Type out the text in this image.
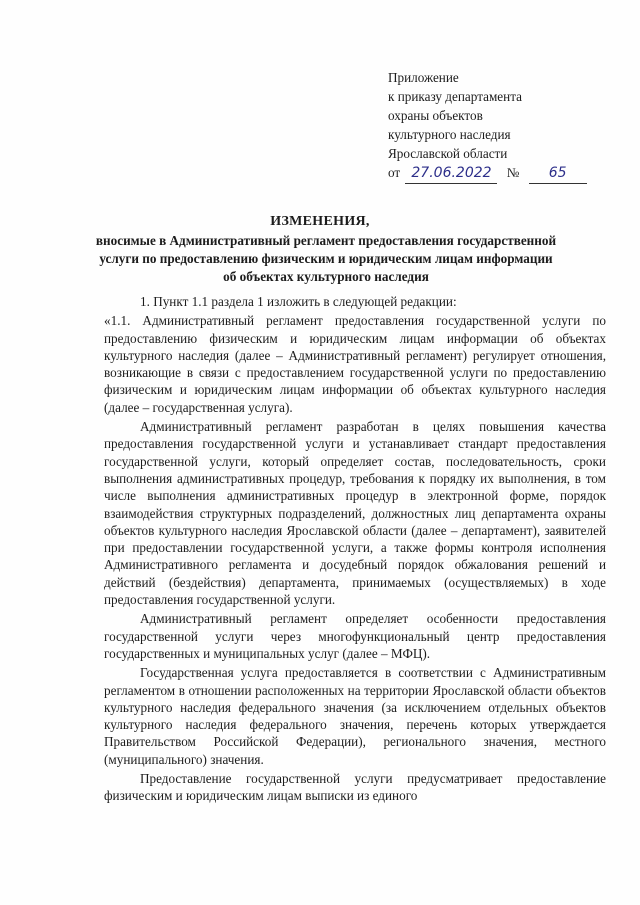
Приложение
к приказу департамента
охраны объектов
культурного наследия
Ярославской области
от 27.06.2022 № 65
ИЗМЕНЕНИЯ,
вносимые в Административный регламент предоставления государственной услуги по предоставлению физическим и юридическим лицам информации об объектах культурного наследия

1. Пункт 1.1 раздела 1 изложить в следующей редакции:

«1.1. Административный регламент предоставления государственной услуги по предоставлению физическим и юридическим лицам информации об объектах культурного наследия (далее – Административный регламент) регулирует отношения, возникающие в связи с предоставлением государственной услуги по предоставлению физическим и юридическим лицам информации об объектах культурного наследия (далее – государственная услуга).

Административный регламент разработан в целях повышения качества предоставления государственной услуги и устанавливает стандарт предоставления государственной услуги, который определяет состав, последовательность, сроки выполнения административных процедур, требования к порядку их выполнения, в том числе выполнения административных процедур в электронной форме, порядок взаимодействия структурных подразделений, должностных лиц департамента охраны объектов культурного наследия Ярославской области (далее – департамент), заявителей при предоставлении государственной услуги, а также формы контроля исполнения Административного регламента и досудебный порядок обжалования решений и действий (бездействия) департамента, принимаемых (осуществляемых) в ходе предоставления государственной услуги.

Административный регламент определяет особенности предоставления государственной услуги через многофункциональный центр предоставления государственных и муниципальных услуг (далее – МФЦ).

Государственная услуга предоставляется в соответствии с Административным регламентом в отношении расположенных на территории Ярославской области объектов культурного наследия федерального значения (за исключением отдельных объектов культурного наследия федерального значения, перечень которых утверждается Правительством Российской Федерации), регионального значения, местного (муниципального) значения.

Предоставление государственной услуги предусматривает предоставление физическим и юридическим лицам выписки из единого
